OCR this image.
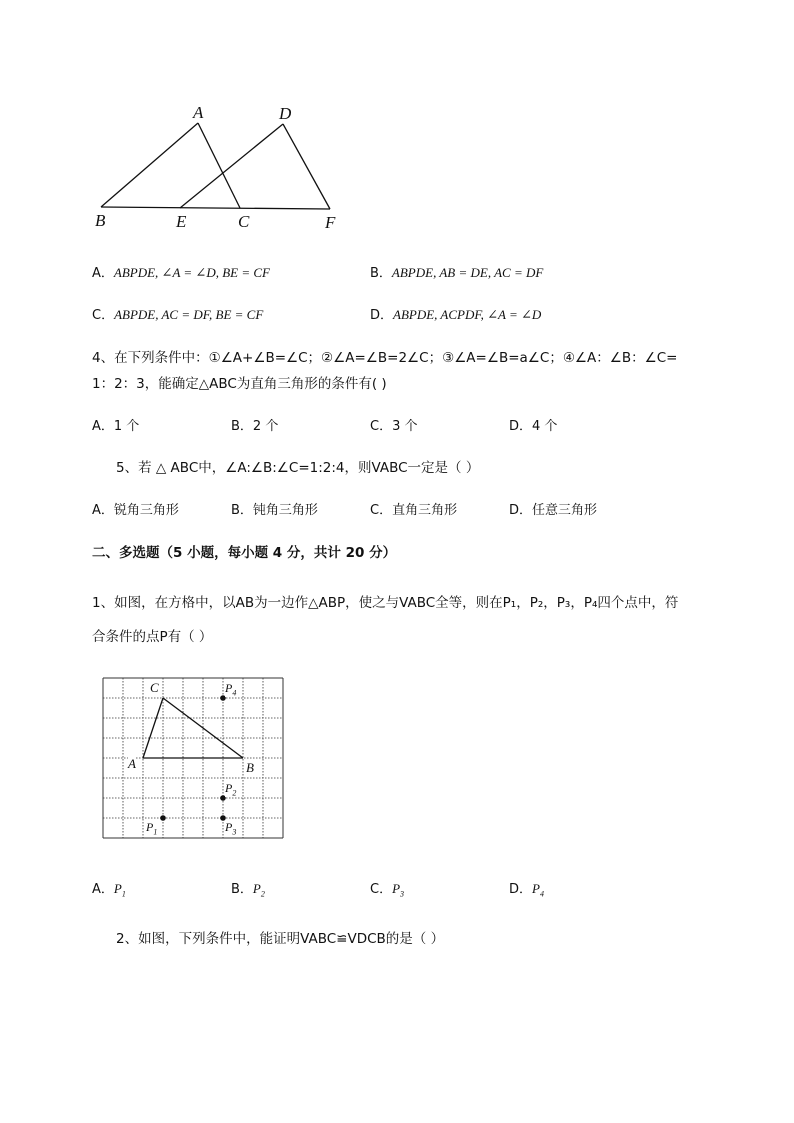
A	D
B	E	C	F
A．ABPDE, ∠A = ∠D, BE = CF	B．ABPDE, AB = DE, AC = DF
C．ABPDE, AC = DF, BE = CF	D．ABPDE, ACPDF, ∠A = ∠D
4、在下列条件中：①∠A+∠B=∠C；②∠A=∠B=2∠C；③∠A=∠B=a∠C；④∠A：∠B：∠C=
1：2：3，能确定△ABC为直角三角形的条件有( )
A．1 个	B．2 个	C．3 个	D．4 个
5、若 △ ABC中，∠A:∠B:∠C=1:2:4，则VABC一定是（ ）
A．锐角三角形	B．钝角三角形	C．直角三角形	D．任意三角形
二、多选题（5 小题，每小题 4 分，共计 20 分）
1、如图，在方格中，以AB为一边作△ABP，使之与VABC全等，则在P₁，P₂，P₃，P₄四个点中，符
合条件的点P有（ ）
C
A	B
$P_4$
$P_2$
$P_3$
$P_1$
A．$P_1$	B．$P_2$	C．$P_3$	D．$P_4$
2、如图，下列条件中，能证明VABC≌VDCB的是（ ）
